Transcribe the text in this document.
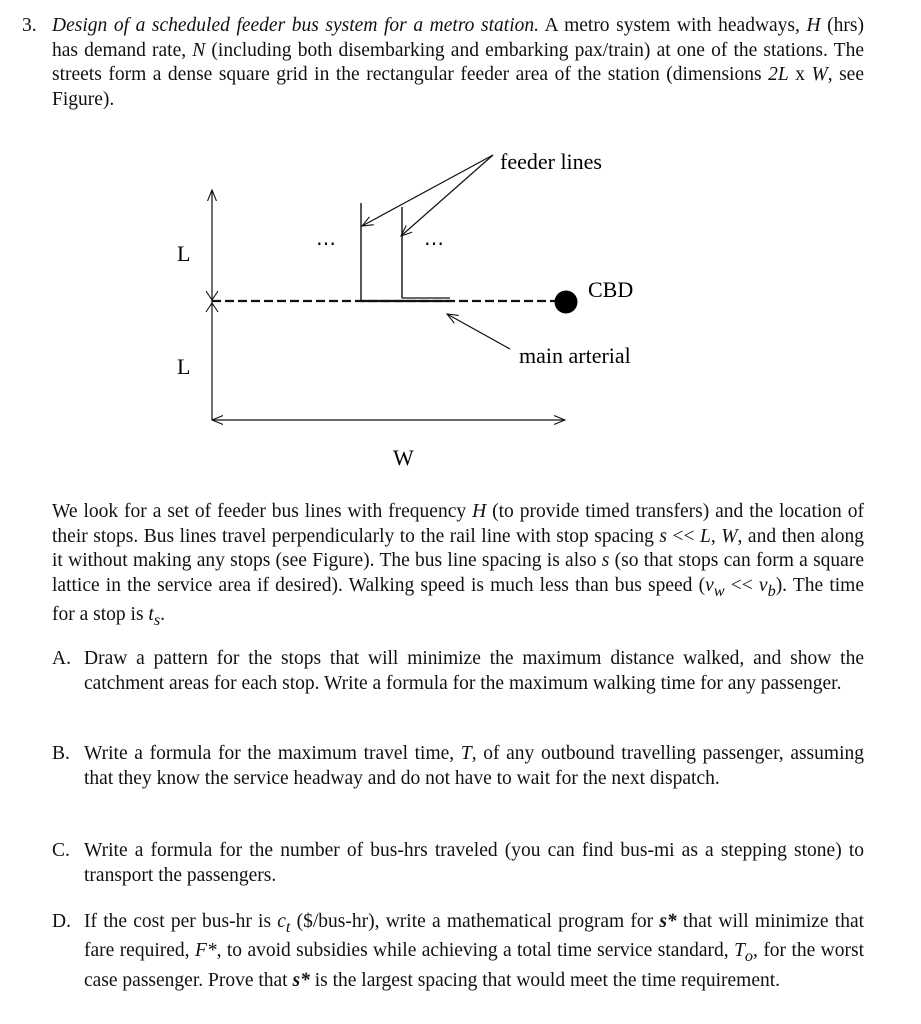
3. Design of a scheduled feeder bus system for a metro station. A metro system with headways, H (hrs) has demand rate, N (including both disembarking and embarking pax/train) at one of the stations. The streets form a dense square grid in the rectangular feeder area of the station (dimensions 2L x W, see Figure).

⋯	⋯
L
L
W
feeder lines
CBD
main arterial

We look for a set of feeder bus lines with frequency H (to provide timed transfers) and the location of their stops. Bus lines travel perpendicularly to the rail line with stop spacing s << L, W, and then along it without making any stops (see Figure). The bus line spacing is also s (so that stops can form a square lattice in the service area if desired). Walking speed is much less than bus speed $(v_w << v_b)$. The time for a stop is $t_s$.

A. Draw a pattern for the stops that will minimize the maximum distance walked, and show the catchment areas for each stop. Write a formula for the maximum walking time for any passenger.

B. Write a formula for the maximum travel time, T, of any outbound travelling passenger, assuming that they know the service headway and do not have to wait for the next dispatch.

C. Write a formula for the number of bus-hrs traveled (you can find bus-mi as a stepping stone) to transport the passengers.

D. If the cost per bus-hr is $c_t$ ($/bus-hr), write a mathematical program for s* that will minimize that fare required, F*, to avoid subsidies while achieving a total time service standard, $T_o$, for the worst case passenger. Prove that s* is the largest spacing that would meet the time requirement.
